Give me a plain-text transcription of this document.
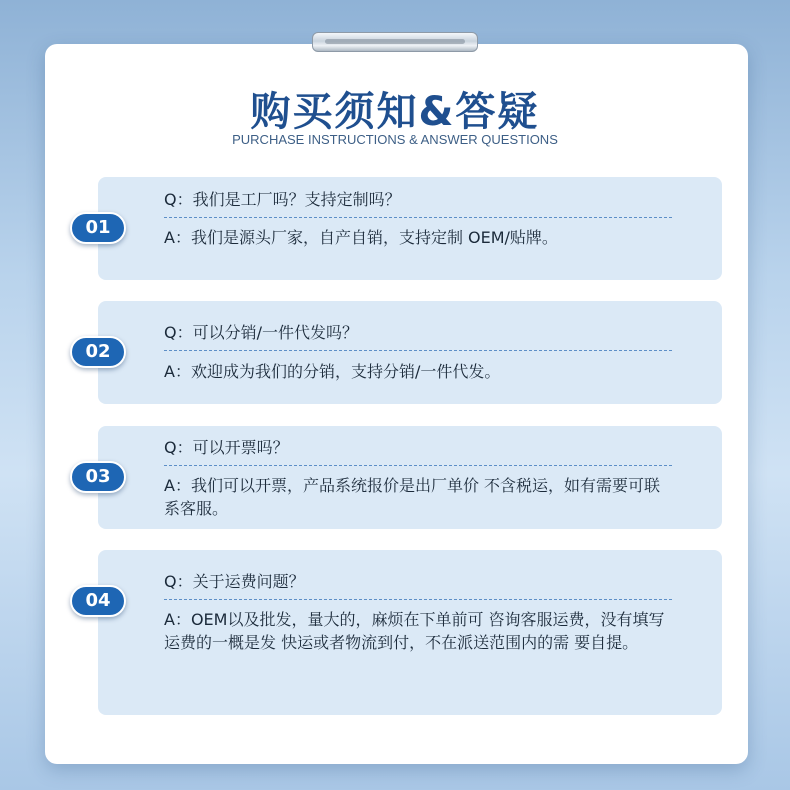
购买须知&答疑
PURCHASE INSTRUCTIONS & ANSWER QUESTIONS
01
Q：我们是工厂吗？支持定制吗？
A：我们是源头厂家，自产自销，支持定制 OEM/贴牌。
02
Q：可以分销/一件代发吗？
A：欢迎成为我们的分销，支持分销/一件代发。
03
Q：可以开票吗？
A：我们可以开票，产品系统报价是出厂单价 不含税运，如有需要可联系客服。
04
Q：关于运费问题？
A：OEM以及批发，量大的，麻烦在下单前可 咨询客服运费，没有填写运费的一概是发 快运或者物流到付，不在派送范围内的需 要自提。
